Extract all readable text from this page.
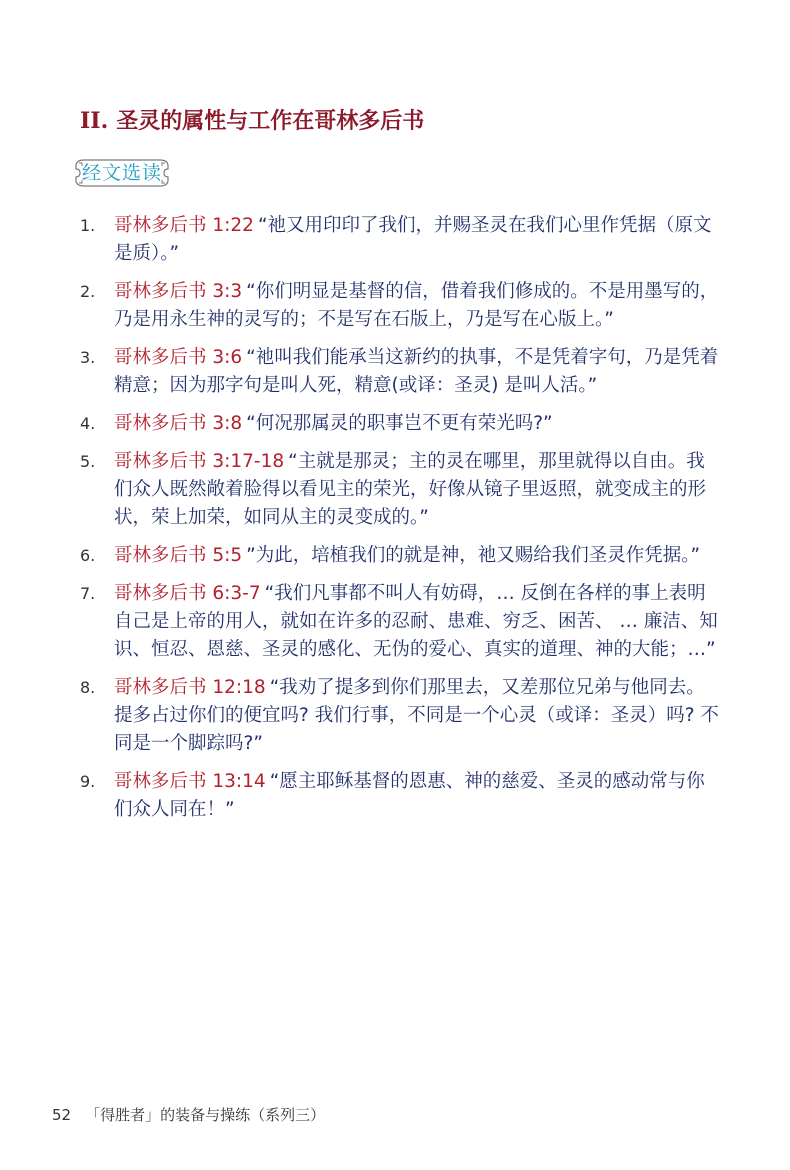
II. 圣灵的属性与工作在哥林多后书
经文选读
1. 哥林多后书 1:22 “祂又用印印了我们，并赐圣灵在我们心里作凭据（原文是质）。”
2. 哥林多后书 3:3 “你们明显是基督的信，借着我们修成的。不是用墨写的，乃是用永生神的灵写的；不是写在石版上，乃是写在心版上。”
3. 哥林多后书 3:6 “祂叫我们能承当这新约的执事，不是凭着字句，乃是凭着精意；因为那字句是叫人死，精意(或译：圣灵) 是叫人活。”
4. 哥林多后书 3:8 “何况那属灵的职事岂不更有荣光吗?”
5. 哥林多后书 3:17-18 “主就是那灵；主的灵在哪里，那里就得以自由。我们众人既然敞着脸得以看见主的荣光，好像从镜子里返照，就变成主的形状，荣上加荣，如同从主的灵变成的。”
6. 哥林多后书 5:5 ”为此，培植我们的就是神，祂又赐给我们圣灵作凭据。”
7. 哥林多后书 6:3-7 “我们凡事都不叫人有妨碍，… 反倒在各样的事上表明自己是上帝的用人，就如在许多的忍耐、患难、穷乏、困苦、 … 廉洁、知识、恒忍、恩慈、圣灵的感化、无伪的爱心、真实的道理、神的大能；…”
8. 哥林多后书 12:18 “我劝了提多到你们那里去，又差那位兄弟与他同去。提多占过你们的便宜吗? 我们行事，不同是一个心灵（或译：圣灵）吗? 不同是一个脚踪吗?”
9. 哥林多后书 13:14 “愿主耶稣基督的恩惠、神的慈爱、圣灵的感动常与你们众人同在！”
52 「得胜者」的装备与操练（系列三）
